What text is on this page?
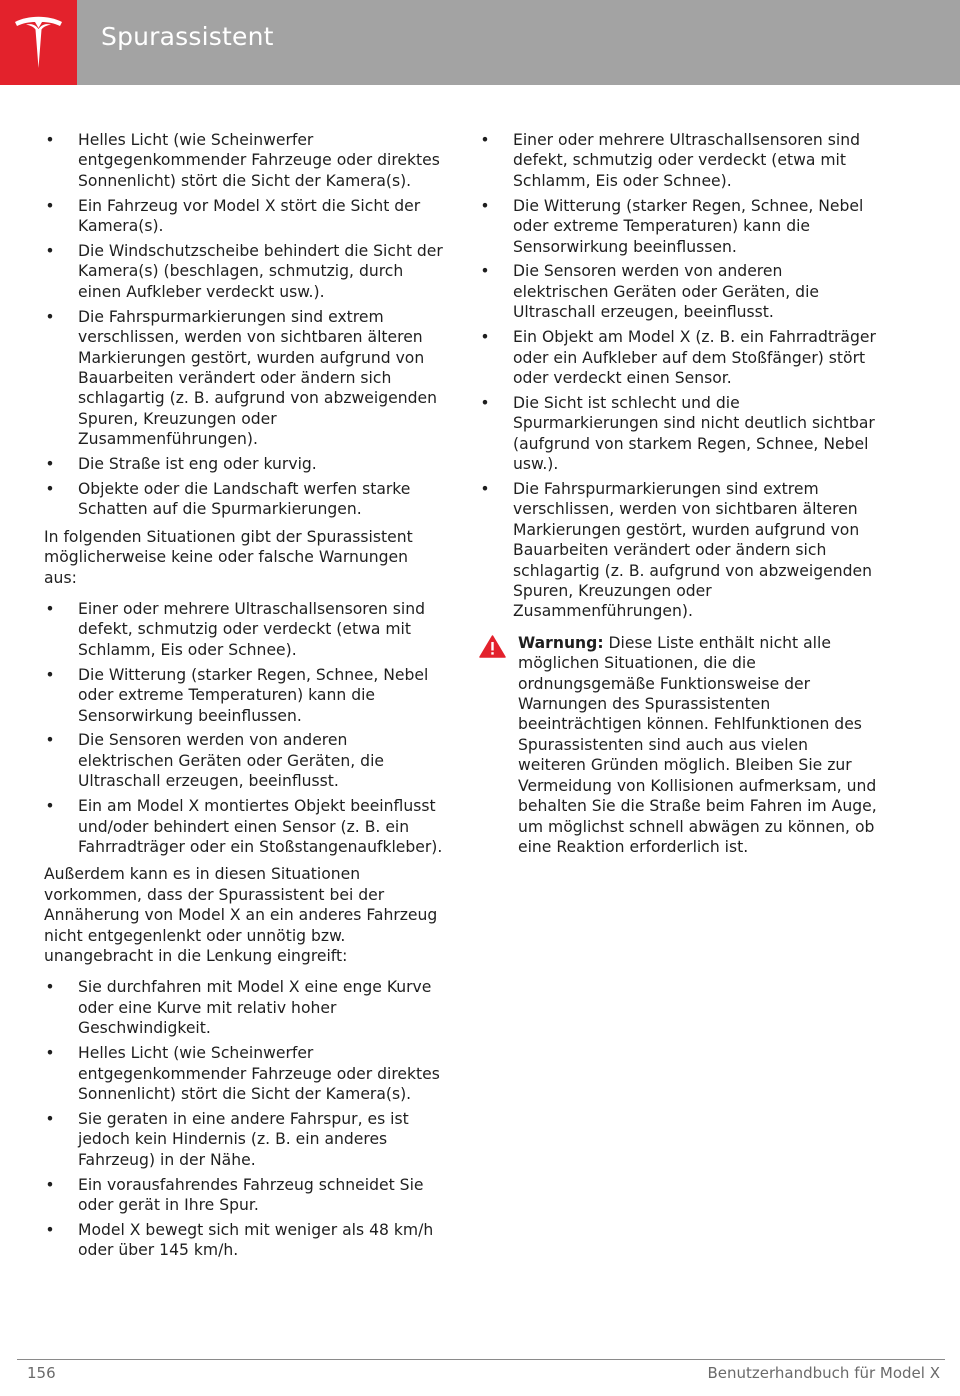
Spurassistent
• Helles Licht (wie Scheinwerfer entgegenkommender Fahrzeuge oder direktes Sonnenlicht) stört die Sicht der Kamera(s).
• Ein Fahrzeug vor Model X stört die Sicht der Kamera(s).
• Die Windschutzscheibe behindert die Sicht der Kamera(s) (beschlagen, schmutzig, durch einen Aufkleber verdeckt usw.).
• Die Fahrspurmarkierungen sind extrem verschlissen, werden von sichtbaren älteren Markierungen gestört, wurden aufgrund von Bauarbeiten verändert oder ändern sich schlagartig (z. B. aufgrund von abzweigenden Spuren, Kreuzungen oder Zusammenführungen).
• Die Straße ist eng oder kurvig.
• Objekte oder die Landschaft werfen starke Schatten auf die Spurmarkierungen.

In folgenden Situationen gibt der Spurassistent möglicherweise keine oder falsche Warnungen aus:

• Einer oder mehrere Ultraschallsensoren sind defekt, schmutzig oder verdeckt (etwa mit Schlamm, Eis oder Schnee).
• Die Witterung (starker Regen, Schnee, Nebel oder extreme Temperaturen) kann die Sensorwirkung beeinflussen.
• Die Sensoren werden von anderen elektrischen Geräten oder Geräten, die Ultraschall erzeugen, beeinflusst.
• Ein am Model X montiertes Objekt beeinflusst und/oder behindert einen Sensor (z. B. ein Fahrradträger oder ein Stoßstangenaufkleber).

Außerdem kann es in diesen Situationen vorkommen, dass der Spurassistent bei der Annäherung von Model X an ein anderes Fahrzeug nicht entgegenlenkt oder unnötig bzw. unangebracht in die Lenkung eingreift:

• Sie durchfahren mit Model X eine enge Kurve oder eine Kurve mit relativ hoher Geschwindigkeit.
• Helles Licht (wie Scheinwerfer entgegenkommender Fahrzeuge oder direktes Sonnenlicht) stört die Sicht der Kamera(s).
• Sie geraten in eine andere Fahrspur, es ist jedoch kein Hindernis (z. B. ein anderes Fahrzeug) in der Nähe.
• Ein vorausfahrendes Fahrzeug schneidet Sie oder gerät in Ihre Spur.
• Model X bewegt sich mit weniger als 48 km/h oder über 145 km/h.
• Einer oder mehrere Ultraschallsensoren sind defekt, schmutzig oder verdeckt (etwa mit Schlamm, Eis oder Schnee).
• Die Witterung (starker Regen, Schnee, Nebel oder extreme Temperaturen) kann die Sensorwirkung beeinflussen.
• Die Sensoren werden von anderen elektrischen Geräten oder Geräten, die Ultraschall erzeugen, beeinflusst.
• Ein Objekt am Model X (z. B. ein Fahrradträger oder ein Aufkleber auf dem Stoßfänger) stört oder verdeckt einen Sensor.
• Die Sicht ist schlecht und die Spurmarkierungen sind nicht deutlich sichtbar (aufgrund von starkem Regen, Schnee, Nebel usw.).
• Die Fahrspurmarkierungen sind extrem verschlissen, werden von sichtbaren älteren Markierungen gestört, wurden aufgrund von Bauarbeiten verändert oder ändern sich schlagartig (z. B. aufgrund von abzweigenden Spuren, Kreuzungen oder Zusammenführungen).
Warnung: Diese Liste enthält nicht alle möglichen Situationen, die die ordnungsgemäße Funktionsweise der Warnungen des Spurassistenten beeinträchtigen können. Fehlfunktionen des Spurassistenten sind auch aus vielen weiteren Gründen möglich. Bleiben Sie zur Vermeidung von Kollisionen aufmerksam, und behalten Sie die Straße beim Fahren im Auge, um möglichst schnell abwägen zu können, ob eine Reaktion erforderlich ist.
156	Benutzerhandbuch für Model X
